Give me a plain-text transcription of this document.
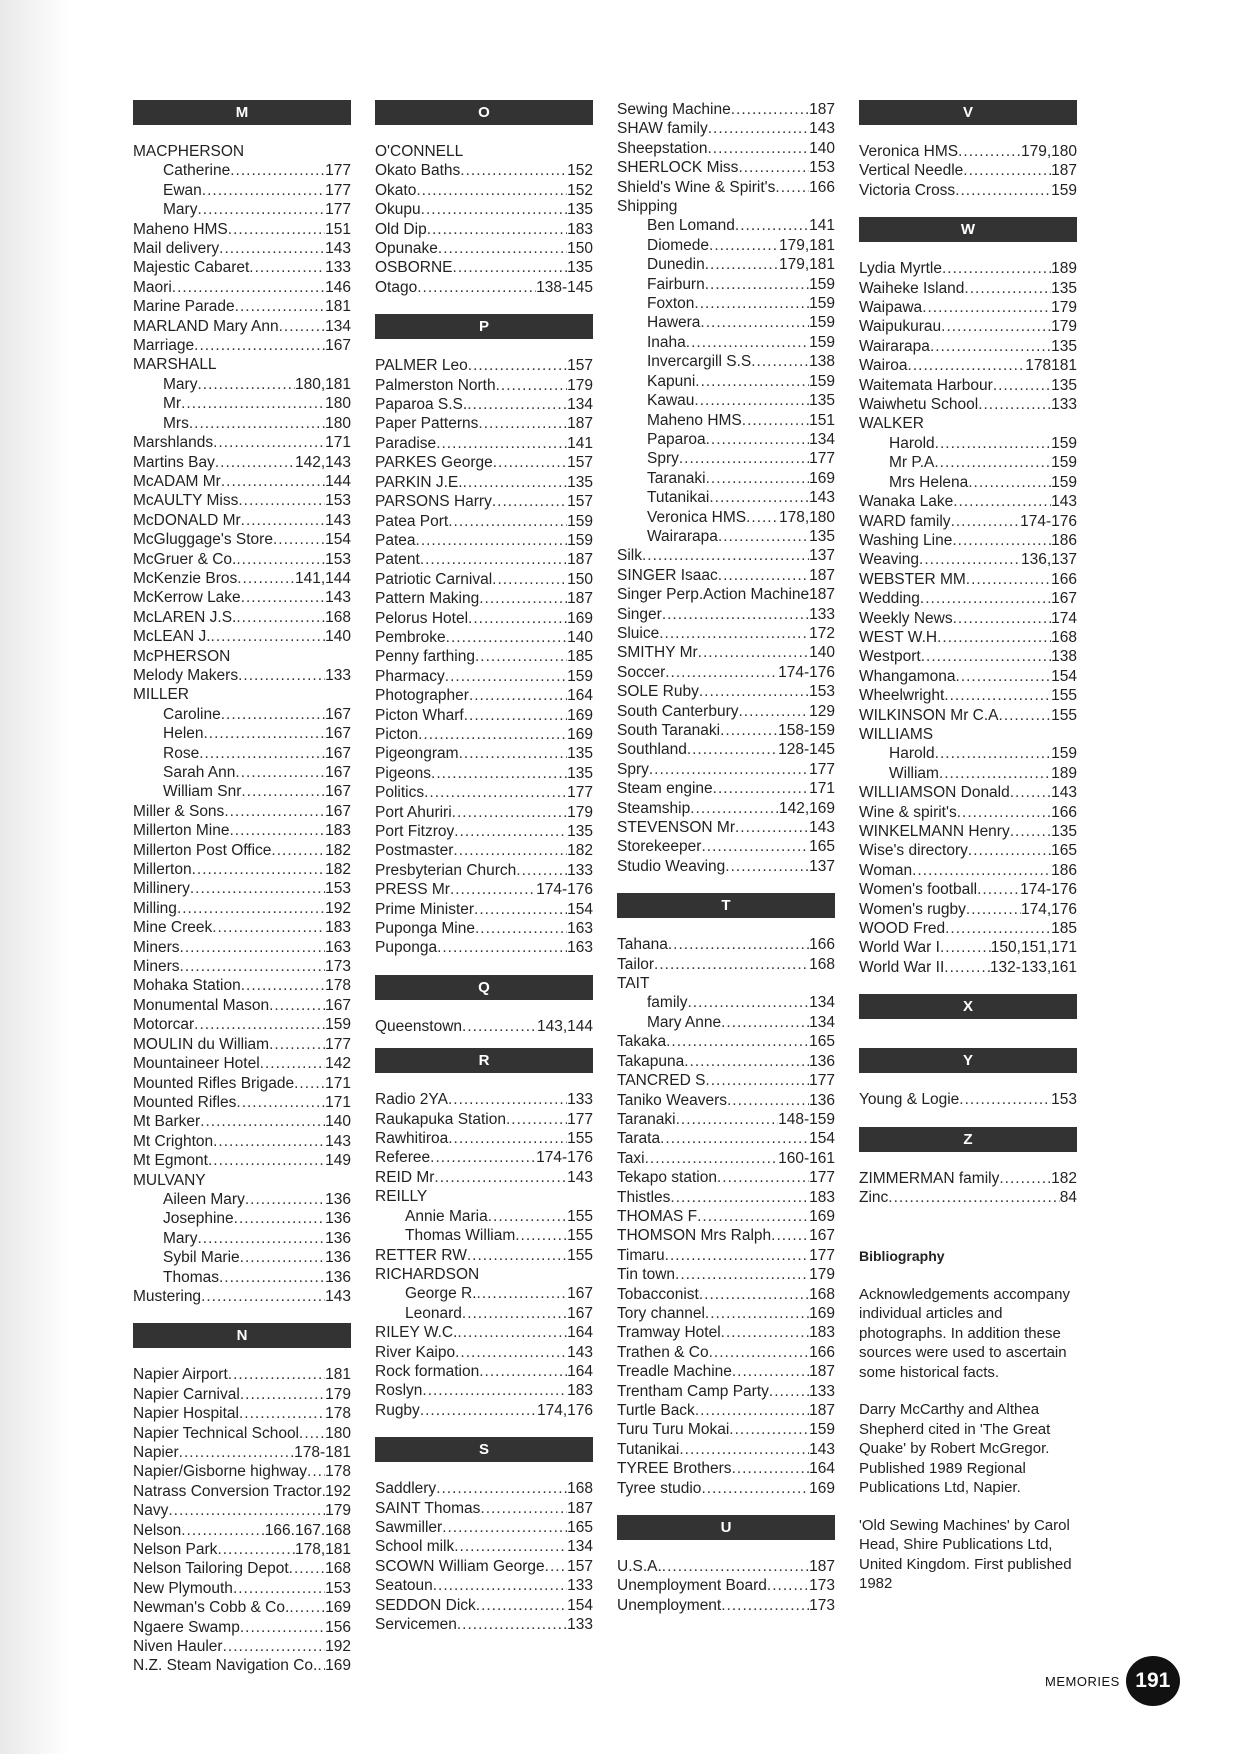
M
MACPHERSON
Catherine .....	177
Ewan .....	177
Mary .....	177
Maheno HMS .....	151
Mail delivery .....	143
Majestic Cabaret .....	133
Maori .....	146
Marine Parade .....	181
MARLAND Mary Ann .....	134
Marriage .....	167
MARSHALL
Mary .....	180,181
Mr .....	180
Mrs .....	180
Marshlands .....	171
Martins Bay .....	142,143
McADAM Mr .....	144
McAULTY Miss .....	153
McDONALD Mr .....	143
McGluggage's Store .....	154
McGruer & Co. .....	153
McKenzie Bros .....	141,144
McKerrow Lake .....	143
McLAREN J.S. .....	168
McLEAN J. .....	140
McPHERSON
Melody Makers .....	133
MILLER
Caroline .....	167
Helen .....	167
Rose .....	167
Sarah Ann .....	167
William Snr .....	167
Miller & Sons .....	167
Millerton Mine .....	183
Millerton Post Office .....	182
Millerton .....	182
Millinery .....	153
Milling .....	192
Mine Creek .....	183
Miners .....	163
Miners .....	173
Mohaka Station .....	178
Monumental Mason .....	167
Motorcar .....	159
MOULIN du William .....	177
Mountaineer Hotel .....	142
Mounted Rifles Brigade ..... 171
Mounted Rifles .....	171
Mt Barker .....	140
Mt Crighton .....	143
Mt Egmont .....	149
MULVANY
Aileen Mary .....	136
Josephine .....	136
Mary .....	136
Sybil Marie .....	136
Thomas .....	136
Mustering .....	143
N
Napier Airport .....	181
Napier Carnival .....	179
Napier Hospital .....	178
Napier Technical School ..... 180
Napier .....	178-181
Napier/Gisborne highway ..... 178
Natrass Conversion Tractor ..... 192
Navy .....	179
Nelson .....	166.167.168
Nelson Park .....	178,181
Nelson Tailoring Depot ..... 168
New Plymouth .....	153
Newman's Cobb & Co. ..... 169
Ngaere Swamp .....	156
Niven Hauler .....	192
N.Z. Steam Navigation Co. ..... 169
O
O'CONNELL
Okato Baths .....	152
Okato .....	152
Okupu .....	135
Old Dip .....	183
Opunake .....	150
OSBORNE .....	135
Otago .....	138-145
P
PALMER Leo .....	157
Palmerston North .....	179
Paparoa S.S. .....	134
Paper Patterns .....	187
Paradise .....	141
PARKES George .....	157
PARKIN J.E. .....	135
PARSONS Harry .....	157
Patea Port .....	159
Patea .....	159
Patent .....	187
Patriotic Carnival .....	150
Pattern Making .....	187
Pelorus Hotel .....	169
Pembroke .....	140
Penny farthing .....	185
Pharmacy .....	159
Photographer .....	164
Picton Wharf .....	169
Picton .....	169
Pigeongram .....	135
Pigeons .....	135
Politics .....	177
Port Ahuriri .....	179
Port Fitzroy .....	135
Postmaster .....	182
Presbyterian Church .....	133
PRESS Mr .....	174-176
Prime Minister .....	154
Puponga Mine .....	163
Puponga .....	163
Q
Queenstown .....	143,144
R
Radio 2YA .....	133
Raukapuka Station .....	177
Rawhitiroa .....	155
Referee .....	174-176
REID Mr .....	143
REILLY
Annie Maria .....	155
Thomas William .....	155
RETTER RW .....	155
RICHARDSON
George R. .....	167
Leonard .....	167
RILEY W.C. .....	164
River Kaipo .....	143
Rock formation .....	164
Roslyn .....	183
Rugby .....	174,176
S
Saddlery .....	168
SAINT Thomas .....	187
Sawmiller .....	165
School milk .....	134
SCOWN William George ..... 157
Seatoun .....	133
SEDDON Dick .....	154
Servicemen .....	133
Sewing Machine .....	187
SHAW family .....	143
Sheepstation .....	140
SHERLOCK Miss .....	153
Shield's Wine & Spirit's ..... 166
Shipping
Ben Lomand .....	141
Diomede .....	179,181
Dunedin .....	179,181
Fairburn .....	159
Foxton .....	159
Hawera .....	159
Inaha .....	159
Invercargill S.S .....	138
Kapuni .....	159
Kawau .....	135
Maheno HMS .....	151
Paparoa .....	134
Spry .....	177
Taranaki .....	169
Tutanikai .....	143
Veronica HMS ..... 178,180
Wairarapa .....	135
Silk .....	137
SINGER Isaac .....	187
Singer Perp.Action Machine 187
Singer .....	133
Sluice .....	172
SMITHY Mr .....	140
Soccer .....	174-176
SOLE Ruby .....	153
South Canterbury .....	129
South Taranaki .....	158-159
Southland .....	128-145
Spry .....	177
Steam engine .....	171
Steamship .....	142,169
STEVENSON Mr .....	143
Storekeeper .....	165
Studio Weaving .....	137
T
Tahana .....	166
Tailor .....	168
TAIT
family .....	134
Mary Anne .....	134
Takaka .....	165
Takapuna .....	136
TANCRED S .....	177
Taniko Weavers .....	136
Taranaki .....	148-159
Tarata .....	154
Taxi .....	160-161
Tekapo station .....	177
Thistles .....	183
THOMAS F .....	169
THOMSON Mrs Ralph ..... 167
Timaru .....	177
Tin town .....	179
Tobacconist .....	168
Tory channel .....	169
Tramway Hotel .....	183
Trathen & Co .....	166
Treadle Machine .....	187
Trentham Camp Party .....	133
Turtle Back .....	187
Turu Turu Mokai .....	159
Tutanikai .....	143
TYREE Brothers .....	164
Tyree studio .....	169
U
U.S.A. .....	187
Unemployment Board .....	173
Unemployment .....	173
V
Veronica HMS .....	179,180
Vertical Needle .....	187
Victoria Cross .....	159
W
Lydia Myrtle .....	189
Waiheke Island .....	135
Waipawa .....	179
Waipukurau .....	179
Wairarapa .....	135
Wairoa .....	178181
Waitemata Harbour .....	135
Waiwhetu School .....	133
WALKER
Harold .....	159
Mr P.A .....	159
Mrs Helena .....	159
Wanaka Lake .....	143
WARD family .....	174-176
Washing Line .....	186
Weaving .....	136,137
WEBSTER MM .....	166
Wedding .....	167
Weekly News .....	174
WEST W.H .....	168
Westport .....	138
Whangamona .....	154
Wheelwright .....	155
WILKINSON Mr C.A .....	155
WILLIAMS
Harold .....	159
William .....	189
WILLIAMSON Donald .....	143
Wine & spirit's .....	166
WINKELMANN Henry .....	135
Wise's directory .....	165
Woman .....	186
Women's football .....	174-176
Women's rugby .....	174,176
WOOD Fred .....	185
World War I .....	150,151,171
World War II .....	132-133,161
X
Y
Young & Logie .....	153
Z
ZIMMERMAN family .....	182
Zinc .....	84
Bibliography

Acknowledgements accompany individual articles and photographs. In addition these sources were used to ascertain some historical facts.

Darry McCarthy and Althea Shepherd cited in 'The Great Quake' by Robert McGregor. Published 1989 Regional Publications Ltd, Napier.

'Old Sewing Machines' by Carol Head, Shire Publications Ltd, United Kingdom. First published 1982

MEMORIES 191
